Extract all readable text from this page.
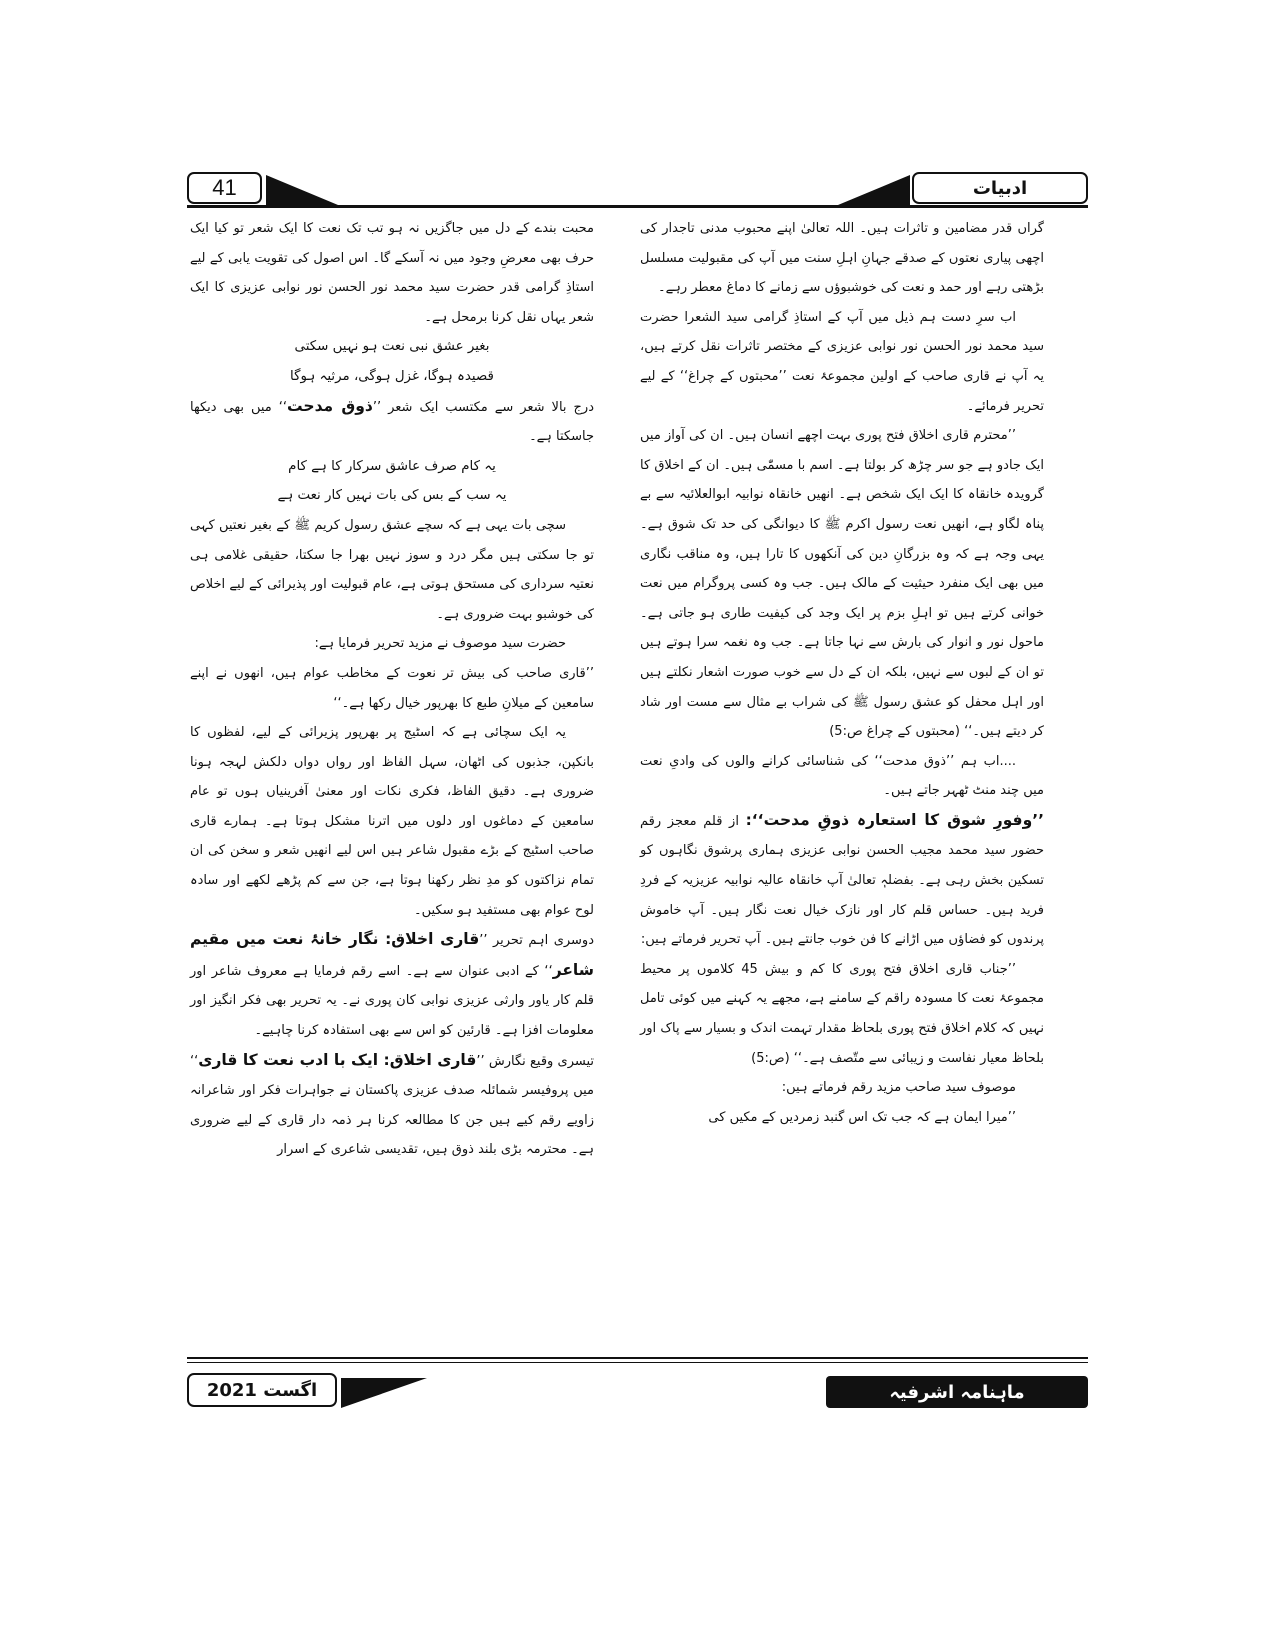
41	ادبیات

گراں قدر مضامین و تاثرات ہیں۔ اللہ تعالیٰ اپنے محبوب مدنی تاجدار کی اچھی پیاری نعتوں کے صدقے جہانِ اہلِ سنت میں آپ کی مقبولیت مسلسل بڑھتی رہے اور حمد و نعت کی خوشبوؤں سے زمانے کا دماغ معطر رہے۔

اب سرِ دست ہم ذیل میں آپ کے استاذِ گرامی سید الشعرا حضرت سید محمد نور الحسن نور نوابی عزیزی کے مختصر تاثرات نقل کرتے ہیں، یہ آپ نے قاری صاحب کے اولین مجموعۂ نعت ’’محبتوں کے چراغ‘‘ کے لیے تحریر فرمائے۔

’’محترم قاری اخلاق فتح پوری بہت اچھے انسان ہیں۔ ان کی آواز میں ایک جادو ہے جو سر چڑھ کر بولتا ہے۔ اسم با مسمّٰی ہیں۔ ان کے اخلاق کا گرویدہ خانقاہ کا ایک ایک شخص ہے۔ انھیں خانقاہ نوابیہ ابوالعلائیہ سے بے پناہ لگاو ہے، انھیں نعت رسول اکرم ﷺ کا دیوانگی کی حد تک شوق ہے۔ یہی وجہ ہے کہ وہ بزرگانِ دین کی آنکھوں کا تارا ہیں، وہ مناقب نگاری میں بھی ایک منفرد حیثیت کے مالک ہیں۔ جب وہ کسی پروگرام میں نعت خوانی کرتے ہیں تو اہلِ بزم پر ایک وجد کی کیفیت طاری ہو جاتی ہے۔ ماحول نور و انوار کی بارش سے نہا جاتا ہے۔ جب وہ نغمہ سرا ہوتے ہیں تو ان کے لبوں سے نہیں، بلکہ ان کے دل سے خوب صورت اشعار نکلتے ہیں اور اہل محفل کو عشق رسول ﷺ کی شراب بے مثال سے مست اور شاد کر دیتے ہیں۔‘‘ (محبتوں کے چراغ ص:5)

....اب ہم ’’ذوق مدحت‘‘ کی شناسائی کرانے والوں کی وادیِ نعت میں چند منٹ ٹھہر جاتے ہیں۔

’’وفورِ شوق کا استعارہ ذوقِ مدحت‘‘: از قلم معجز رقم حضور سید محمد مجیب الحسن نوابی عزیزی ہماری پرشوق نگاہوں کو تسکین بخش رہی ہے۔ بفضلہٖ تعالیٰ آپ خانقاہ عالیہ نوابیہ عزیزیہ کے فردِ فرید ہیں۔ حساس قلم کار اور نازک خیال نعت نگار ہیں۔ آپ خاموش پرندوں کو فضاؤں میں اڑانے کا فن خوب جانتے ہیں۔ آپ تحریر فرماتے ہیں:

’’جناب قاری اخلاق فتح پوری کا کم و بیش 45 کلاموں پر محیط مجموعۂ نعت کا مسودہ راقم کے سامنے ہے، مجھے یہ کہنے میں کوئی تامل نہیں کہ کلام اخلاق فتح پوری بلحاظ مقدار تہمت اندک و بسیار سے پاک اور بلحاظ معیار نفاست و زیبائی سے متّصف ہے۔‘‘ (ص:5)

موصوف سید صاحب مزید رقم فرماتے ہیں:

’’میرا ایمان ہے کہ جب تک اس گنبد زمردیں کے مکیں کی

محبت بندے کے دل میں جاگزیں نہ ہو تب تک نعت کا ایک شعر تو کیا ایک حرف بھی معرضِ وجود میں نہ آسکے گا۔ اس اصول کی تقویت یابی کے لیے استاذِ گرامی قدر حضرت سید محمد نور الحسن نور نوابی عزیزی کا ایک شعر یہاں نقل کرنا برمحل ہے۔

بغیر عشق نبی نعت ہو نہیں سکتی

قصیدہ ہوگا، غزل ہوگی، مرثیہ ہوگا

درج بالا شعر سے مکتسب ایک شعر ’’ذوق مدحت‘‘ میں بھی دیکھا جاسکتا ہے۔

یہ کام صرف عاشق سرکار کا ہے کام

یہ سب کے بس کی بات نہیں کار نعت ہے

سچی بات یہی ہے کہ سچے عشق رسول کریم ﷺ کے بغیر نعتیں کہی تو جا سکتی ہیں مگر درد و سوز نہیں بھرا جا سکتا، حقیقی غلامی ہی نعتیہ سرداری کی مستحق ہوتی ہے، عام قبولیت اور پذیرائی کے لیے اخلاص کی خوشبو بہت ضروری ہے۔

حضرت سید موصوف نے مزید تحریر فرمایا ہے:

’’قاری صاحب کی بیش تر نعوت کے مخاطب عوام ہیں، انھوں نے اپنے سامعین کے میلانِ طبع کا بھرپور خیال رکھا ہے۔‘‘

یہ ایک سچائی ہے کہ اسٹیج پر بھرپور پزیرائی کے لیے، لفظوں کا بانکپن، جذبوں کی اٹھان، سہل الفاظ اور رواں دواں دلکش لہجہ ہونا ضروری ہے۔ دقیق الفاظ، فکری نکات اور معنیٰ آفرینیاں ہوں تو عام سامعین کے دماغوں اور دلوں میں اترنا مشکل ہوتا ہے۔ ہمارے قاری صاحب اسٹیج کے بڑے مقبول شاعر ہیں اس لیے انھیں شعر و سخن کی ان تمام نزاکتوں کو مدِ نظر رکھنا ہوتا ہے، جن سے کم پڑھے لکھے اور سادہ لوح عوام بھی مستفید ہو سکیں۔

دوسری اہم تحریر ’’قاری اخلاق: نگار خانۂ نعت میں مقیم شاعر‘‘ کے ادبی عنوان سے ہے۔ اسے رقم فرمایا ہے معروف شاعر اور قلم کار یاور وارثی عزیزی نوابی کان پوری نے۔ یہ تحریر بھی فکر انگیز اور معلومات افزا ہے۔ قارئین کو اس سے بھی استفادہ کرنا چاہیے۔

تیسری وقیع نگارش ’’قاری اخلاق: ایک با ادب نعت کا قاری‘‘ میں پروفیسر شمائلہ صدف عزیزی پاکستان نے جواہرات فکر اور شاعرانہ زاویے رقم کیے ہیں جن کا مطالعہ کرنا ہر ذمہ دار قاری کے لیے ضروری ہے۔ محترمہ بڑی بلند ذوق ہیں، تقدیسی شاعری کے اسرار

اگست 2021	ماہنامہ اشرفیہ
